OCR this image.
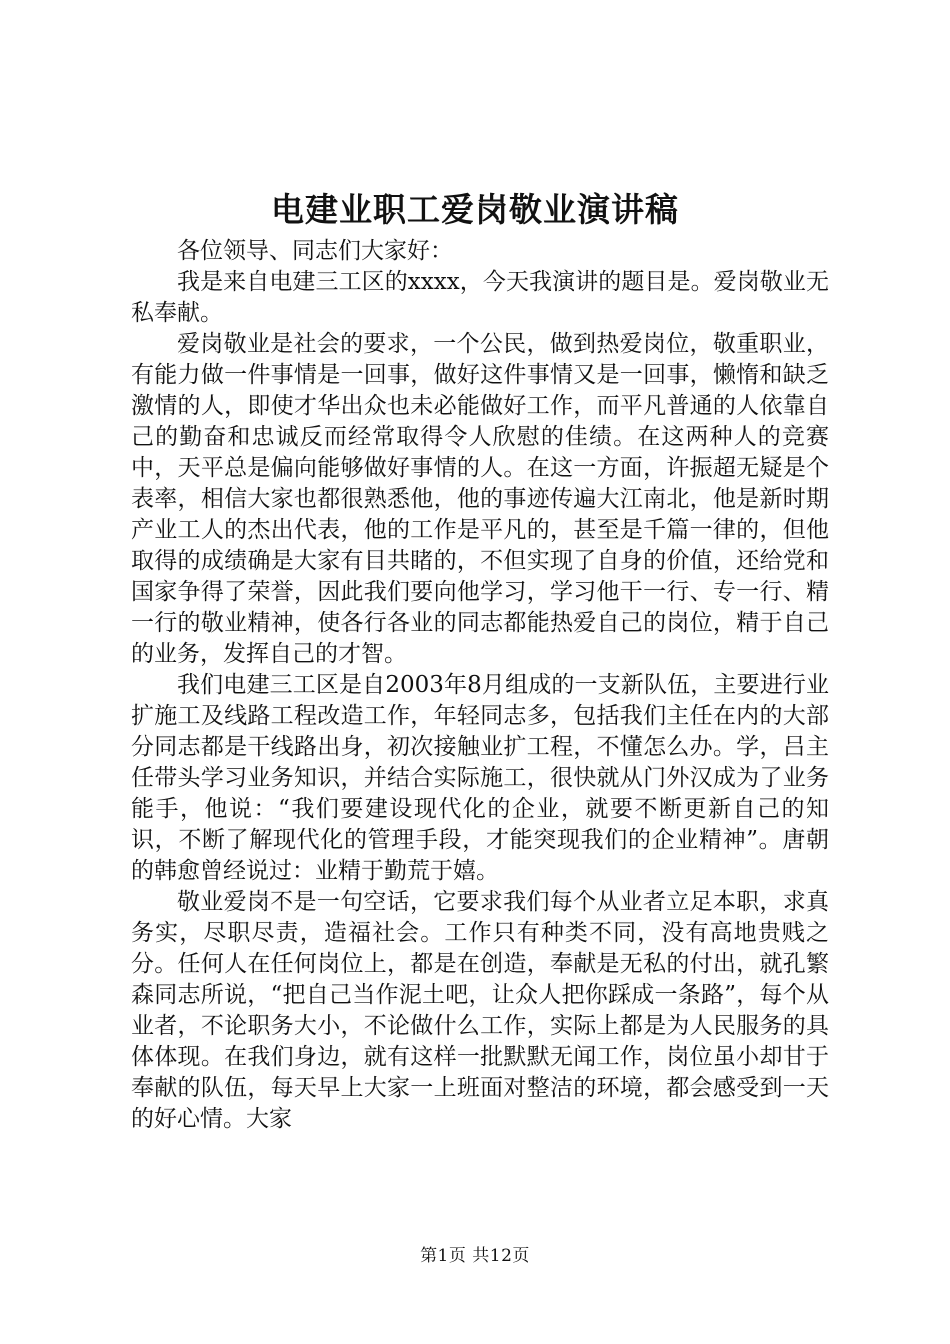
电建业职工爱岗敬业演讲稿

各位领导、同志们大家好：

我是来自电建三工区的xxxx，今天我演讲的题目是。爱岗敬业无私奉献。

爱岗敬业是社会的要求，一个公民，做到热爱岗位，敬重职业，有能力做一件事情是一回事，做好这件事情又是一回事，懒惰和缺乏激情的人，即使才华出众也未必能做好工作，而平凡普通的人依靠自己的勤奋和忠诚反而经常取得令人欣慰的佳绩。在这两种人的竞赛中，天平总是偏向能够做好事情的人。在这一方面，许振超无疑是个表率，相信大家也都很熟悉他，他的事迹传遍大江南北，他是新时期产业工人的杰出代表，他的工作是平凡的，甚至是千篇一律的，但他取得的成绩确是大家有目共睹的，不但实现了自身的价值，还给党和国家争得了荣誉，因此我们要向他学习，学习他干一行、专一行、精一行的敬业精神，使各行各业的同志都能热爱自己的岗位，精于自己的业务，发挥自己的才智。

我们电建三工区是自2003年8月组成的一支新队伍，主要进行业扩施工及线路工程改造工作，年轻同志多，包括我们主任在内的大部分同志都是干线路出身，初次接触业扩工程，不懂怎么办。学，吕主任带头学习业务知识，并结合实际施工，很快就从门外汉成为了业务能手，他说：“我们要建设现代化的企业，就要不断更新自己的知识，不断了解现代化的管理手段，才能突现我们的企业精神”。唐朝的韩愈曾经说过：业精于勤荒于嬉。

敬业爱岗不是一句空话，它要求我们每个从业者立足本职，求真务实，尽职尽责，造福社会。工作只有种类不同，没有高地贵贱之分。任何人在任何岗位上，都是在创造，奉献是无私的付出，就孔繁森同志所说，“把自己当作泥土吧，让众人把你踩成一条路”，每个从业者，不论职务大小，不论做什么工作，实际上都是为人民服务的具体体现。在我们身边，就有这样一批默默无闻工作，岗位虽小却甘于奉献的队伍，每天早上大家一上班面对整洁的环境，都会感受到一天的好心情。大家

第1页 共12页
